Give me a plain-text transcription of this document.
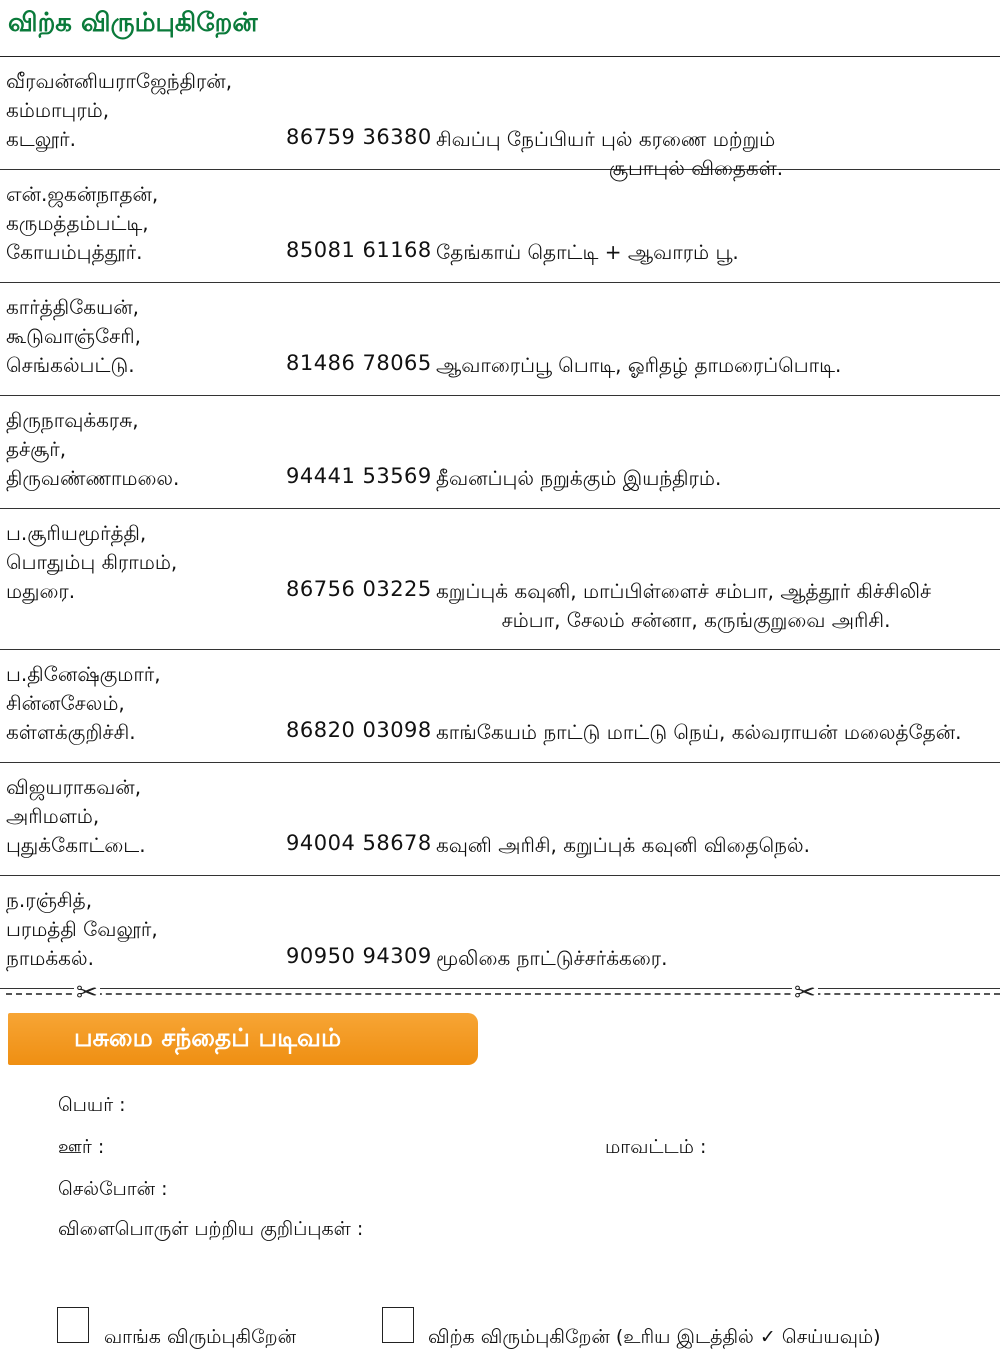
விற்க விரும்புகிறேன்
வீரவன்னியராஜேந்திரன்,
கம்மாபுரம்,
கடலூர்.	86759 36380 சிவப்பு நேப்பியர் புல் கரணை மற்றும்
சூபாபுல் விதைகள்.
என்.ஜகன்நாதன்,
கருமத்தம்பட்டி,
கோயம்புத்தூர்.	85081 61168 தேங்காய் தொட்டி + ஆவாரம் பூ.
கார்த்திகேயன்,
கூடுவாஞ்சேரி,
செங்கல்பட்டு.	81486 78065 ஆவாரைப்பூ பொடி, ஓரிதழ் தாமரைப்பொடி.
திருநாவுக்கரசு,
தச்சூர்,
திருவண்ணாமலை.	94441 53569 தீவனப்புல் நறுக்கும் இயந்திரம்.
ப.சூரியமூர்த்தி,
பொதும்பு கிராமம்,
மதுரை.	86756 03225 கறுப்புக் கவுனி, மாப்பிள்ளைச் சம்பா, ஆத்தூர் கிச்சிலிச்
சம்பா, சேலம் சன்னா, கருங்குறுவை அரிசி.
ப.தினேஷ்குமார்,
சின்னசேலம்,
கள்ளக்குறிச்சி.	86820 03098 காங்கேயம் நாட்டு மாட்டு நெய், கல்வராயன் மலைத்தேன்.
விஜயராகவன்,
அரிமளம்,
புதுக்கோட்டை.	94004 58678 கவுனி அரிசி, கறுப்புக் கவுனி விதைநெல்.
ந.ரஞ்சித்,
பரமத்தி வேலூர்,
நாமக்கல்.	90950 94309 மூலிகை நாட்டுச்சர்க்கரை.
✂	✂
பசுமை சந்தைப் படிவம்
பெயர் :
ஊர் :	மாவட்டம் :
செல்போன் :
விளைபொருள் பற்றிய குறிப்புகள் :
வாங்க விரும்புகிறேன்	விற்க விரும்புகிறேன் (உரிய இடத்தில் ✓ செய்யவும்)
